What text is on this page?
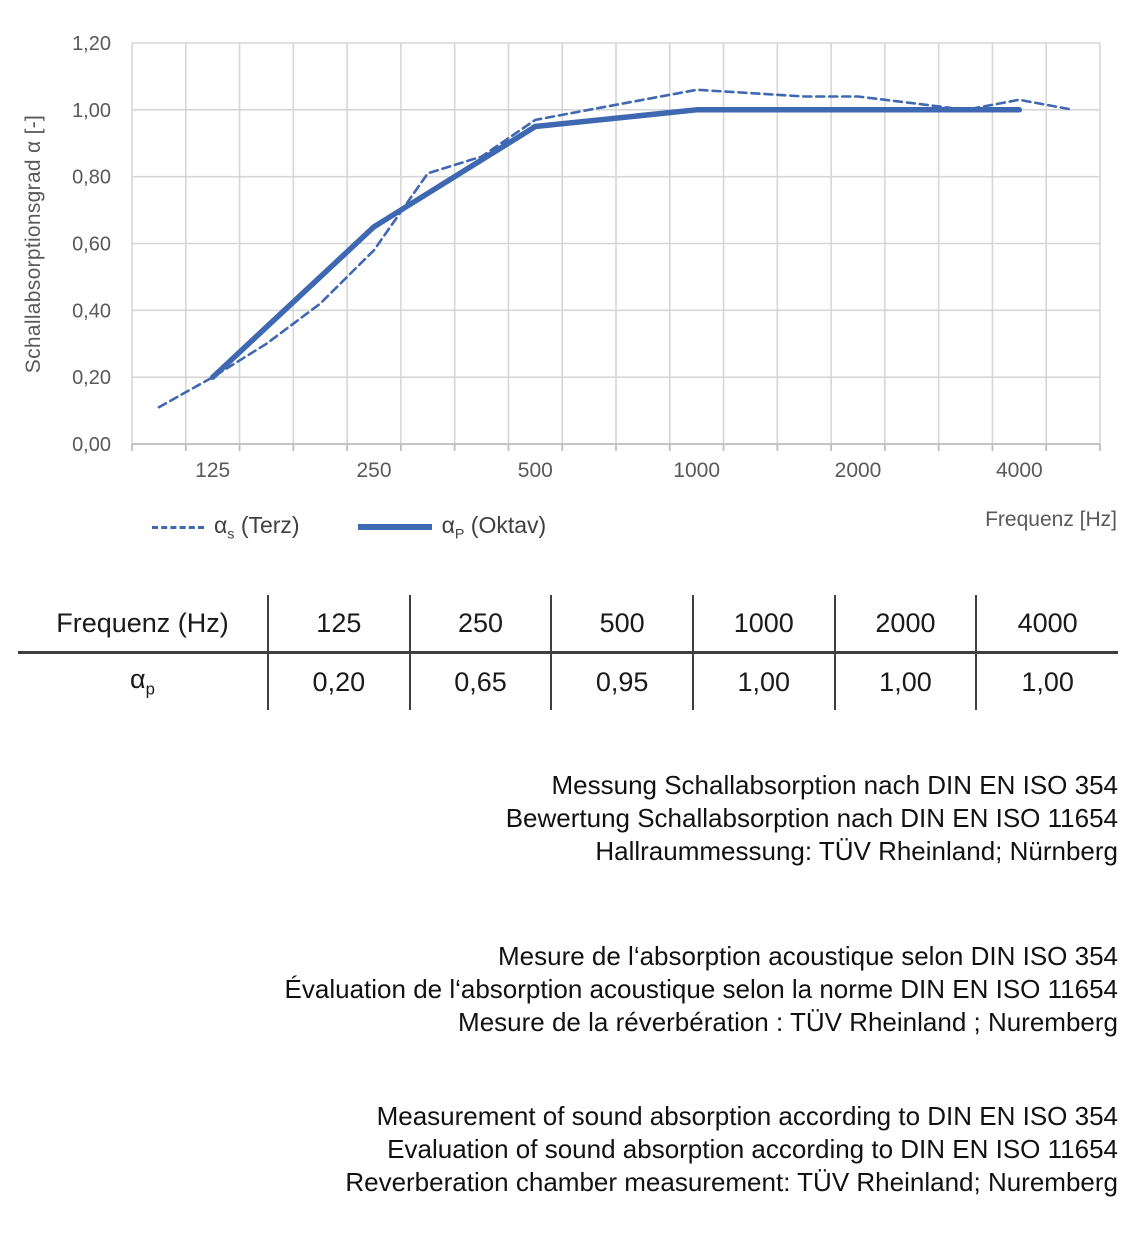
0,00
0,20
0,40
0,60
0,80
1,00
1,20
125	250	500	1000	2000	4000
Schallabsorptionsgrad α [-]
$\alpha_s$ (Terz)	$\alpha_P$ (Oktav)	Frequenz [Hz]
Frequenz (Hz)	125	250	500	1000	2000	4000
$\alpha_p$	0,20	0,65	0,95	1,00	1,00	1,00
Messung Schallabsorption nach DIN EN ISO 354
Bewertung Schallabsorption nach DIN EN ISO 11654
Hallraummessung: TÜV Rheinland; Nürnberg
Mesure de l‘absorption acoustique selon DIN ISO 354
Évaluation de l‘absorption acoustique selon la norme DIN EN ISO 11654
Mesure de la réverbération : TÜV Rheinland ; Nuremberg
Measurement of sound absorption according to DIN EN ISO 354
Evaluation of sound absorption according to DIN EN ISO 11654
Reverberation chamber measurement: TÜV Rheinland; Nuremberg
